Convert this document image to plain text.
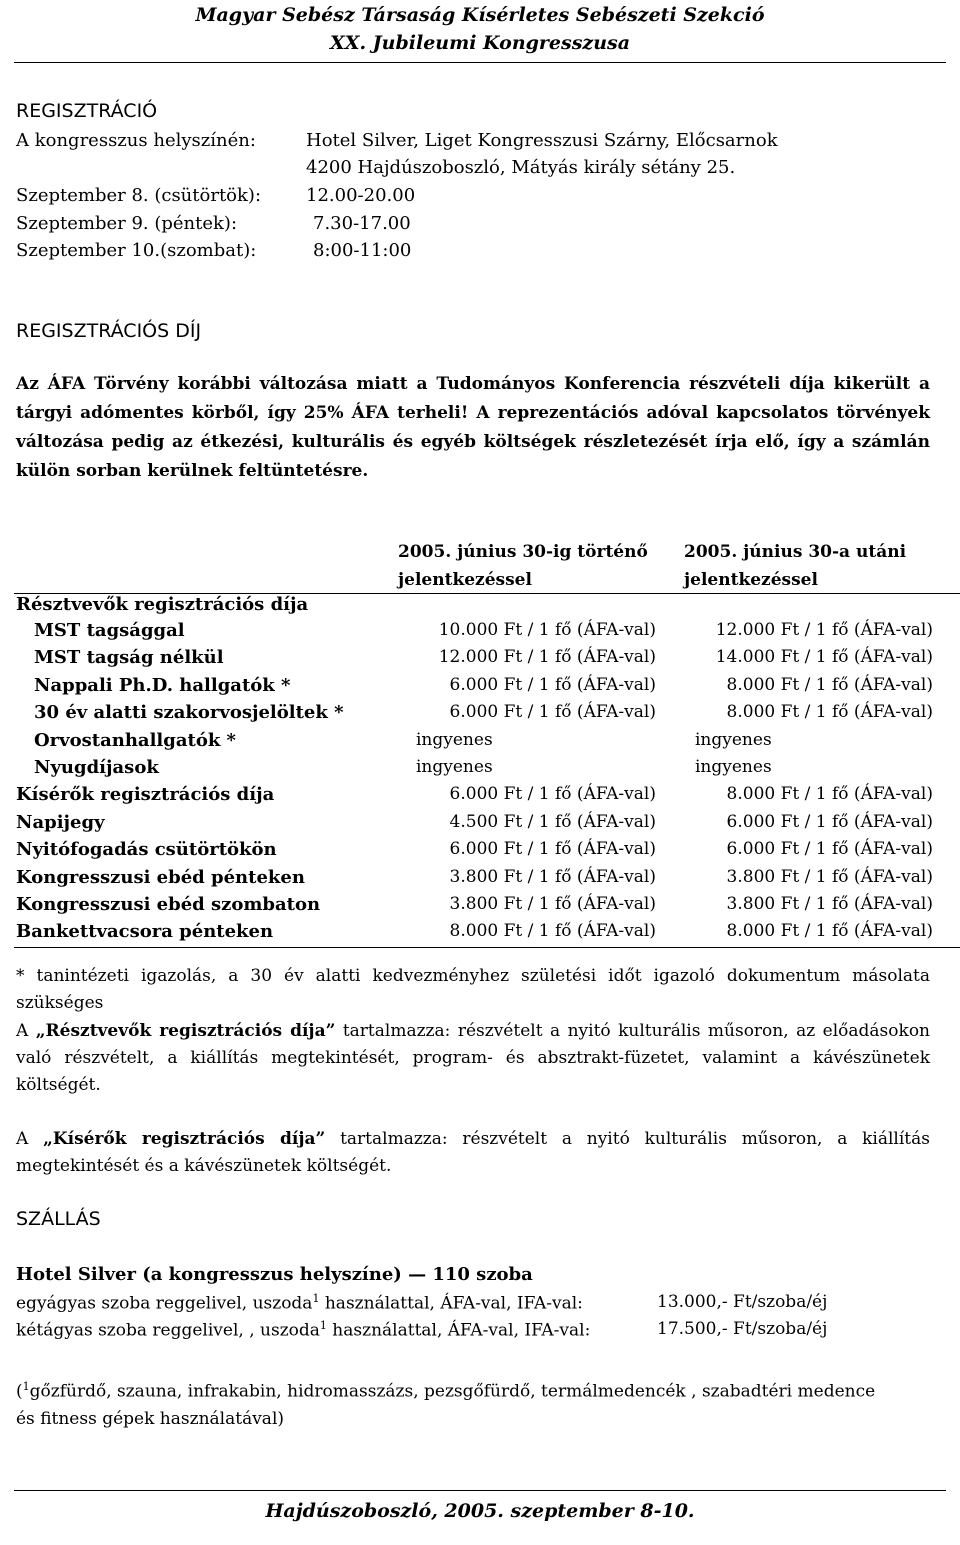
Magyar Sebész Társaság Kísérletes Sebészeti Szekció
XX. Jubileumi Kongresszusa
REGISZTRÁCIÓ
A kongresszus helyszínén:	Hotel Silver, Liget Kongresszusi Szárny, Előcsarnok
4200 Hajdúszoboszló, Mátyás király sétány 25.
Szeptember 8. (csütörtök): 12.00-20.00
Szeptember 9. (péntek):	7.30-17.00
Szeptember 10.(szombat):	8:00-11:00
REGISZTRÁCIÓS DÍJ
Az ÁFA Törvény korábbi változása miatt a Tudományos Konferencia részvételi díja kikerült a tárgyi adómentes körből, így 25% ÁFA terheli! A reprezentációs adóval kapcsolatos törvények változása pedig az étkezési, kulturális és egyéb költségek részletezését írja elő, így a számlán külön sorban kerülnek feltüntetésre.
2005. június 30-ig történő
jelentkezéssel
2005. június 30-a utáni
jelentkezéssel
Résztvevők regisztrációs díja
MST tagsággal	10.000 Ft / 1 fő (ÁFA-val)	12.000 Ft / 1 fő (ÁFA-val)
MST tagság nélkül	12.000 Ft / 1 fő (ÁFA-val)	14.000 Ft / 1 fő (ÁFA-val)
Nappali Ph.D. hallgatók *	6.000 Ft / 1 fő (ÁFA-val)	8.000 Ft / 1 fő (ÁFA-val)
30 év alatti szakorvosjelöltek *	6.000 Ft / 1 fő (ÁFA-val)	8.000 Ft / 1 fő (ÁFA-val)
Orvostanhallgatók *	ingyenes	ingyenes
Nyugdíjasok	ingyenes	ingyenes
Kísérők regisztrációs díja	6.000 Ft / 1 fő (ÁFA-val)	8.000 Ft / 1 fő (ÁFA-val)
Napijegy	4.500 Ft / 1 fő (ÁFA-val)	6.000 Ft / 1 fő (ÁFA-val)
Nyitófogadás csütörtökön	6.000 Ft / 1 fő (ÁFA-val)	6.000 Ft / 1 fő (ÁFA-val)
Kongresszusi ebéd pénteken	3.800 Ft / 1 fő (ÁFA-val)	3.800 Ft / 1 fő (ÁFA-val)
Kongresszusi ebéd szombaton	3.800 Ft / 1 fő (ÁFA-val)	3.800 Ft / 1 fő (ÁFA-val)
Bankettvacsora pénteken	8.000 Ft / 1 fő (ÁFA-val)	8.000 Ft / 1 fő (ÁFA-val)
* tanintézeti igazolás, a 30 év alatti kedvezményhez születési időt igazoló dokumentum másolata szükséges
A „Résztvevők regisztrációs díja” tartalmazza: részvételt a nyitó kulturális műsoron, az előadásokon való részvételt, a kiállítás megtekintését, program- és absztrakt-füzetet, valamint a kávészünetek költségét.
A „Kísérők regisztrációs díja” tartalmazza: részvételt a nyitó kulturális műsoron, a kiállítás megtekintését és a kávészünetek költségét.
SZÁLLÁS
Hotel Silver (a kongresszus helyszíne) — 110 szoba
egyágyas szoba reggelivel, uszoda$^1$ használattal, ÁFA-val, IFA-val:	13.000,- Ft/szoba/éj
kétágyas szoba reggelivel, , uszoda$^1$ használattal, ÁFA-val, IFA-val:	17.500,- Ft/szoba/éj
($^1$gőzfürdő, szauna, infrakabin, hidromasszázs, pezsgőfürdő, termálmedencék , szabadtéri medence és fitness gépek használatával)
Hajdúszoboszló, 2005. szeptember 8-10.
